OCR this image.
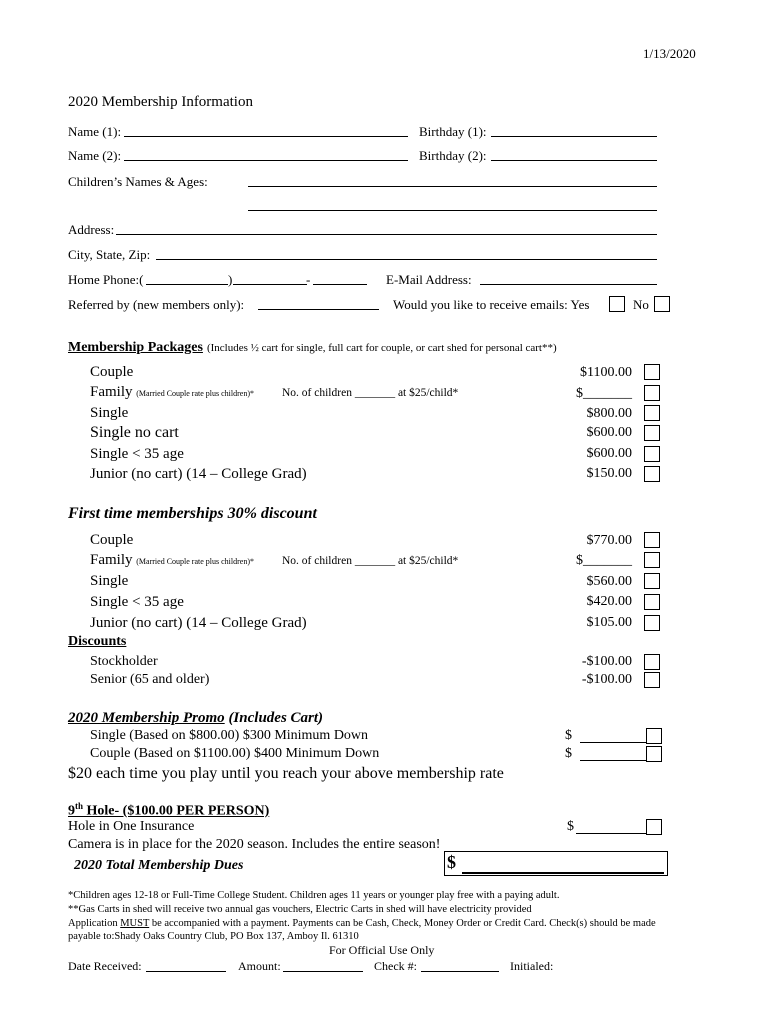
1/13/2020
2020 Membership Information
Name (1):	Birthday (1):
Name (2):	Birthday (2):
Children’s Names & Ages:
Address:
City, State, Zip:
Home Phone:(	)	-	E-Mail Address:
Referred by (new members only):	Would you like to receive emails: Yes	No
Membership Packages (Includes ½ cart for single, full cart for couple, or cart shed for personal cart**)
Couple	$1100.00
Family (Married Couple rate plus children)* No. of children _______ at $25/child*	$_______
Single	$800.00
Single no cart	$600.00
Single < 35 age	$600.00
Junior (no cart) (14 – College Grad)	$150.00
First time memberships 30% discount
Couple	$770.00
Family (Married Couple rate plus children)* No. of children _______ at $25/child*	$_______
Single	$560.00
Single < 35 age	$420.00
Junior (no cart) (14 – College Grad)	$105.00
Discounts
Stockholder	-$100.00
Senior (65 and older)	-$100.00
2020 Membership Promo (Includes Cart)
Single (Based on $800.00) $300 Minimum Down	$
Couple (Based on $1100.00) $400 Minimum Down	$
$20 each time you play until you reach your above membership rate
9th Hole- ($100.00 PER PERSON)
Hole in One Insurance	$
Camera is in place for the 2020 season. Includes the entire season!
2020 Total Membership Dues	$
*Children ages 12-18 or Full-Time College Student. Children ages 11 years or younger play free with a paying adult.
**Gas Carts in shed will receive two annual gas vouchers, Electric Carts in shed will have electricity provided
Application MUST be accompanied with a payment. Payments can be Cash, Check, Money Order or Credit Card. Check(s) should be made
payable to:Shady Oaks Country Club, PO Box 137, Amboy Il. 61310
For Official Use Only
Date Received:	Amount:	Check #:	Initialed:
